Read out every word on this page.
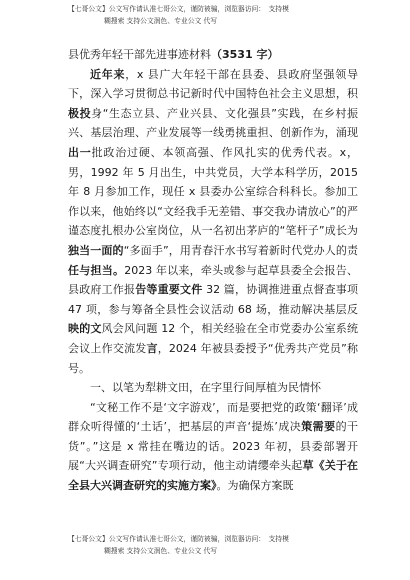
【七哥公文】公文写作请认准七哥公文，谨防被骗，浏览器访问：　支持模
糊搜索 支持公文润色、专业公文 代写
县优秀年轻干部先进事迹材料（3531 字）

近年来，x 县广大年轻干部在县委、县政府坚强领导下，深入学习贯彻总书记新时代中国特色社会主义思想，积极投身“生态立县、产业兴县、文化强县”实践，在乡村振兴、基层治理、产业发展等一线勇挑重担、创新作为，涌现出一批政治过硬、本领高强、作风扎实的优秀代表。x，男，1992 年 5 月出生，中共党员，大学本科学历，2015 年 8 月参加工作，现任 x 县委办公室综合科科长。参加工作以来，他始终以“文经我手无差错、事交我办请放心”的严谨态度扎根办公室岗位，从一名初出茅庐的“笔杆子”成长为独当一面的“多面手”，用青春汗水书写着新时代党办人的责任与担当。2023 年以来，牵头或参与起草县委全会报告、县政府工作报告等重要文件 32 篇，协调推进重点督查事项 47 项，参与筹备全县性会议活动 68 场，推动解决基层反映的文风会风问题 12 个，相关经验在全市党委办公室系统会议上作交流发言，2024 年被县委授予“优秀共产党员”称号。

一、以笔为犁耕文田，在字里行间厚植为民情怀

“文秘工作不是‘文字游戏’，而是要把党的政策‘翻译’成群众听得懂的‘土话’，把基层的声音‘提炼’成决策需要的干货”。”这是 x 常挂在嘴边的话。2023 年初，县委部署开展“大兴调查研究”专项行动，他主动请缨牵头起草《关于在全县大兴调查研究的实施方案》。为确保方案既

【七哥公文】公文写作请认准七哥公文，谨防被骗，浏览器访问：　支持模
糊搜索 支持公文润色、专业公文 代写
